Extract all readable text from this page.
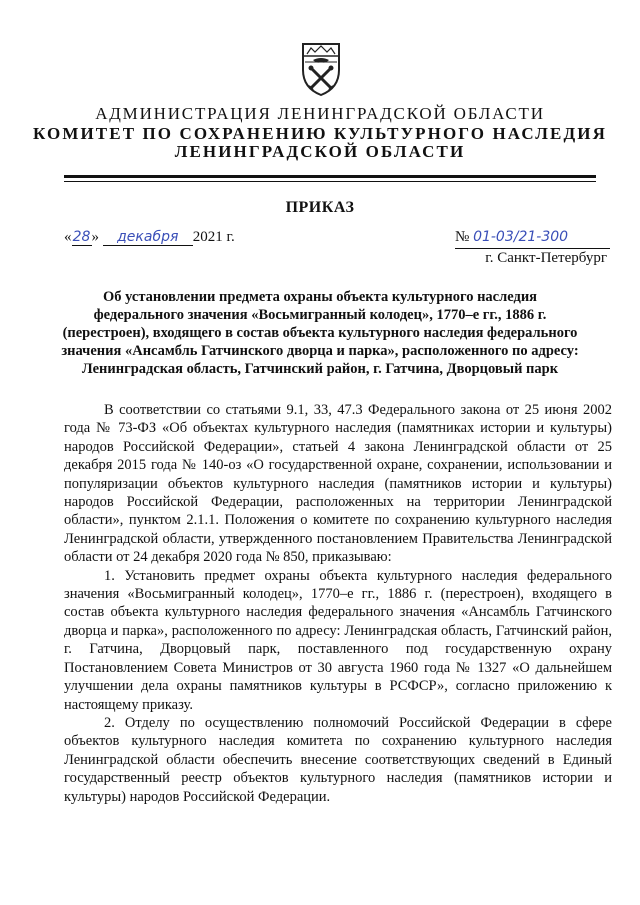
АДМИНИСТРАЦИЯ ЛЕНИНГРАДСКОЙ ОБЛАСТИ
КОМИТЕТ ПО СОХРАНЕНИЮ КУЛЬТУРНОГО НАСЛЕДИЯ
ЛЕНИНГРАДСКОЙ ОБЛАСТИ
ПРИКАЗ
«28» декабря 2021 г.	№ 01-03/21-300
г. Санкт-Петербург
Об установлении предмета охраны объекта культурного наследия федерального значения «Восьмигранный колодец», 1770–е гг., 1886 г. (перестроен), входящего в состав объекта культурного наследия федерального значения «Ансамбль Гатчинского дворца и парка», расположенного по адресу: Ленинградская область, Гатчинский район, г. Гатчина, Дворцовый парк

В соответствии со статьями 9.1, 33, 47.3 Федерального закона от 25 июня 2002 года № 73-ФЗ «Об объектах культурного наследия (памятниках истории и культуры) народов Российской Федерации», статьей 4 закона Ленинградской области от 25 декабря 2015 года № 140-оз «О государственной охране, сохранении, использовании и популяризации объектов культурного наследия (памятников истории и культуры) народов Российской Федерации, расположенных на территории Ленинградской области», пунктом 2.1.1. Положения о комитете по сохранению культурного наследия Ленинградской области, утвержденного постановлением Правительства Ленинградской области от 24 декабря 2020 года № 850, приказываю:

1. Установить предмет охраны объекта культурного наследия федерального значения «Восьмигранный колодец», 1770–е гг., 1886 г. (перестроен), входящего в состав объекта культурного наследия федерального значения «Ансамбль Гатчинского дворца и парка», расположенного по адресу: Ленинградская область, Гатчинский район, г. Гатчина, Дворцовый парк, поставленного под государственную охрану Постановлением Совета Министров от 30 августа 1960 года № 1327 «О дальнейшем улучшении дела охраны памятников культуры в РСФСР», согласно приложению к настоящему приказу.

2. Отделу по осуществлению полномочий Российской Федерации в сфере объектов культурного наследия комитета по сохранению культурного наследия Ленинградской области обеспечить внесение соответствующих сведений в Единый государственный реестр объектов культурного наследия (памятников истории и культуры) народов Российской Федерации.
